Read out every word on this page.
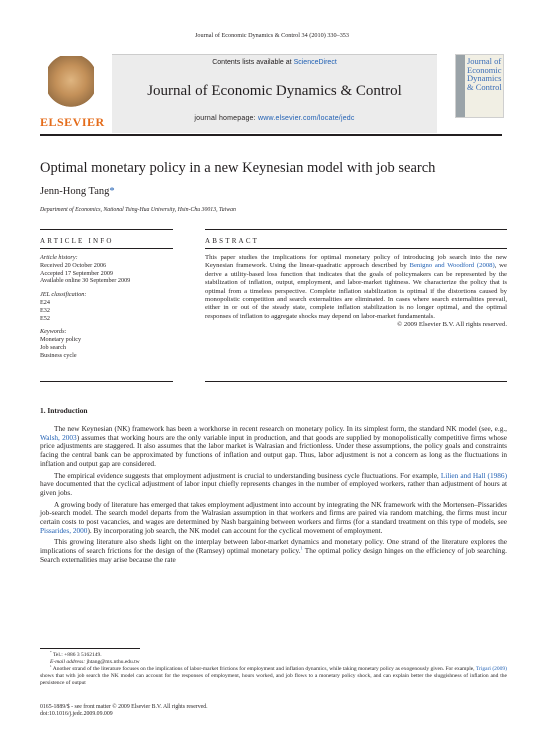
Journal of Economic Dynamics & Control 34 (2010) 330–353
ELSEVIER
Contents lists available at ScienceDirect
Journal of Economic Dynamics & Control
journal homepage: www.elsevier.com/locate/jedc
Journal of Economic Dynamics & Control
Optimal monetary policy in a new Keynesian model with job search
Jenn-Hong Tang*
Department of Economics, National Tsing-Hua University, Hsin-Chu 30013, Taiwan
ARTICLE INFO	ABSTRACT
Article history:
Received 20 October 2006
Accepted 17 September 2009
Available online 30 September 2009
JEL classification:
E24
E32
E52
Keywords:
Monetary policy
Job search
Business cycle
This paper studies the implications for optimal monetary policy of introducing job search into the new Keynesian framework. Using the linear-quadratic approach described by Benigno and Woodford (2008), we derive a utility-based loss function that indicates that the goals of policymakers can be represented by the stabilization of inflation, output, employment, and labor-market tightness. We characterize the policy that is optimal from a timeless perspective. Complete inflation stabilization is optimal if the distortions caused by monopolistic competition and search externalities are eliminated. In cases where search externalities prevail, either in or out of the steady state, complete inflation stabilization is no longer optimal, and the optimal responses of inflation to aggregate shocks may depend on labor-market fundamentals.
© 2009 Elsevier B.V. All rights reserved.
1. Introduction

The new Keynesian (NK) framework has been a workhorse in recent research on monetary policy. In its simplest form, the standard NK model (see, e.g., Walsh, 2003) assumes that working hours are the only variable input in production, and that goods are supplied by monopolistically competitive firms whose price adjustments are staggered. It also assumes that the labor market is Walrasian and frictionless. Under these assumptions, the policy goals and constraints facing the central bank can be approximated by functions of inflation and output gap. Thus, labor adjustment is not a concern as long as the fluctuations in inflation and output gap are considered.

The empirical evidence suggests that employment adjustment is crucial to understanding business cycle fluctuations. For example, Lilien and Hall (1986) have documented that the cyclical adjustment of labor input chiefly represents changes in the number of employed workers, rather than adjustment of hours at given jobs.

A growing body of literature has emerged that takes employment adjustment into account by integrating the NK framework with the Mortensen–Pissarides job-search model. The search model departs from the Walrasian assumption in that workers and firms are paired via random matching, the firms must incur certain costs to post vacancies, and wages are determined by Nash bargaining between workers and firms (for a standard treatment on this type of models, see Pissarides, 2000). By incorporating job search, the NK model can account for the cyclical movement of employment.

This growing literature also sheds light on the interplay between labor-market dynamics and monetary policy. One strand of the literature explores the implications of search frictions for the design of the (Ramsey) optimal monetary policy.$^1$ The optimal policy design hinges on the efficiency of job searching. Search externalities may arise because the rate

* Tel.: +886 3 5162149.
E-mail address: jhtang@mx.nthu.edu.tw
$^1$ Another strand of the literature focuses on the implications of labor-market frictions for employment and inflation dynamics, while taking monetary policy as exogenously given. For example, Trigari (2009) shows that with job search the NK model can account for the responses of employment, hours worked, and job flows to a monetary policy shock, and can explain better the sluggishness of inflation and the persistence of output
0165-1889/$ - see front matter © 2009 Elsevier B.V. All rights reserved.
doi:10.1016/j.jedc.2009.09.009
